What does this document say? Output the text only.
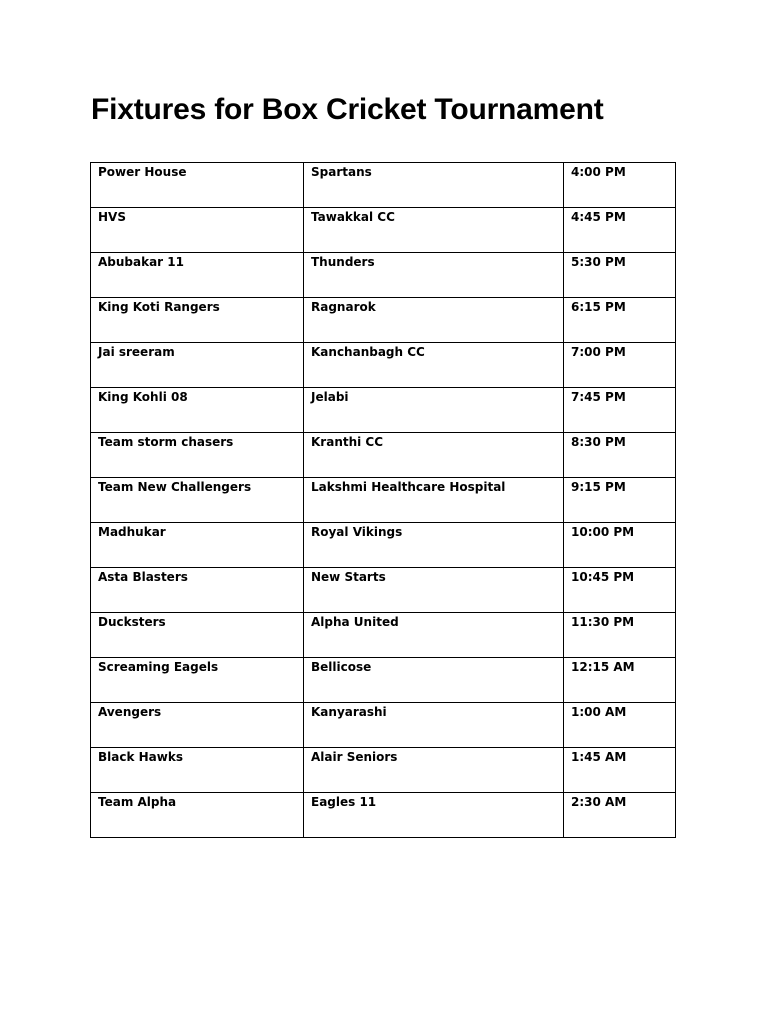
Fixtures for Box Cricket Tournament
Power House	Spartans	4:00 PM
HVS	Tawakkal CC	4:45 PM
Abubakar 11	Thunders	5:30 PM
King Koti Rangers	Ragnarok	6:15 PM
Jai sreeram	Kanchanbagh CC	7:00 PM
King Kohli 08	Jelabi	7:45 PM
Team storm chasers	Kranthi CC	8:30 PM
Team New Challengers	Lakshmi Healthcare Hospital	9:15 PM
Madhukar	Royal Vikings	10:00 PM
Asta Blasters	New Starts	10:45 PM
Ducksters	Alpha United	11:30 PM
Screaming Eagels	Bellicose	12:15 AM
Avengers	Kanyarashi	1:00 AM
Black Hawks	Alair Seniors	1:45 AM
Team Alpha	Eagles 11	2:30 AM
